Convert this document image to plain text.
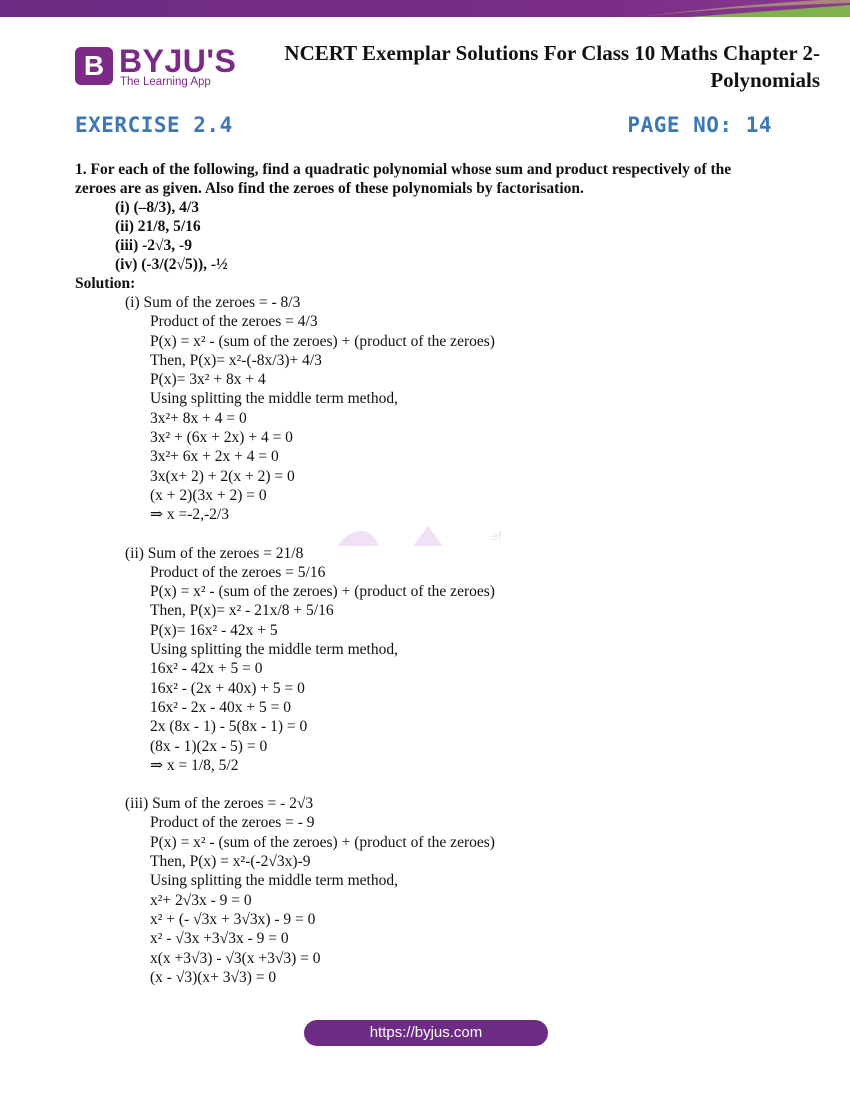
B BYJU'S
The Learning App
NCERT Exemplar Solutions For Class 10 Maths Chapter 2- Polynomials
EXERCISE 2.4	PAGE NO: 14
.ef
1. For each of the following, find a quadratic polynomial whose sum and product respectively of the zeroes are as given. Also find the zeroes of these polynomials by factorisation.
(i) (–8/3), 4/3
(ii) 21/8, 5/16
(iii) -2√3, -9
(iv) (-3/(2√5)), -½
Solution:
(i) Sum of the zeroes = - 8/3
Product of the zeroes = 4/3
P(x) = x² - (sum of the zeroes) + (product of the zeroes)
Then, P(x)= x²-(-8x/3)+ 4/3
P(x)= 3x² + 8x + 4
Using splitting the middle term method,
3x²+ 8x + 4 = 0
3x² + (6x + 2x) + 4 = 0
3x²+ 6x + 2x + 4 = 0
3x(x+ 2) + 2(x + 2) = 0
(x + 2)(3x + 2) = 0
⇒ x =-2,-2/3
(ii) Sum of the zeroes = 21/8
Product of the zeroes = 5/16
P(x) = x² - (sum of the zeroes) + (product of the zeroes)
Then, P(x)= x² - 21x/8 + 5/16
P(x)= 16x² - 42x + 5
Using splitting the middle term method,
16x² - 42x + 5 = 0
16x² - (2x + 40x) + 5 = 0
16x² - 2x - 40x + 5 = 0
2x (8x - 1) - 5(8x - 1) = 0
(8x - 1)(2x - 5) = 0
⇒ x = 1/8, 5/2
(iii) Sum of the zeroes = - 2√3
Product of the zeroes = - 9
P(x) = x² - (sum of the zeroes) + (product of the zeroes)
Then, P(x) = x²-(-2√3x)-9
Using splitting the middle term method,
x²+ 2√3x - 9 = 0
x² + (- √3x + 3√3x) - 9 = 0
x² - √3x +3√3x - 9 = 0
x(x +3√3) - √3(x +3√3) = 0
(x - √3)(x+ 3√3) = 0
https://byjus.com
